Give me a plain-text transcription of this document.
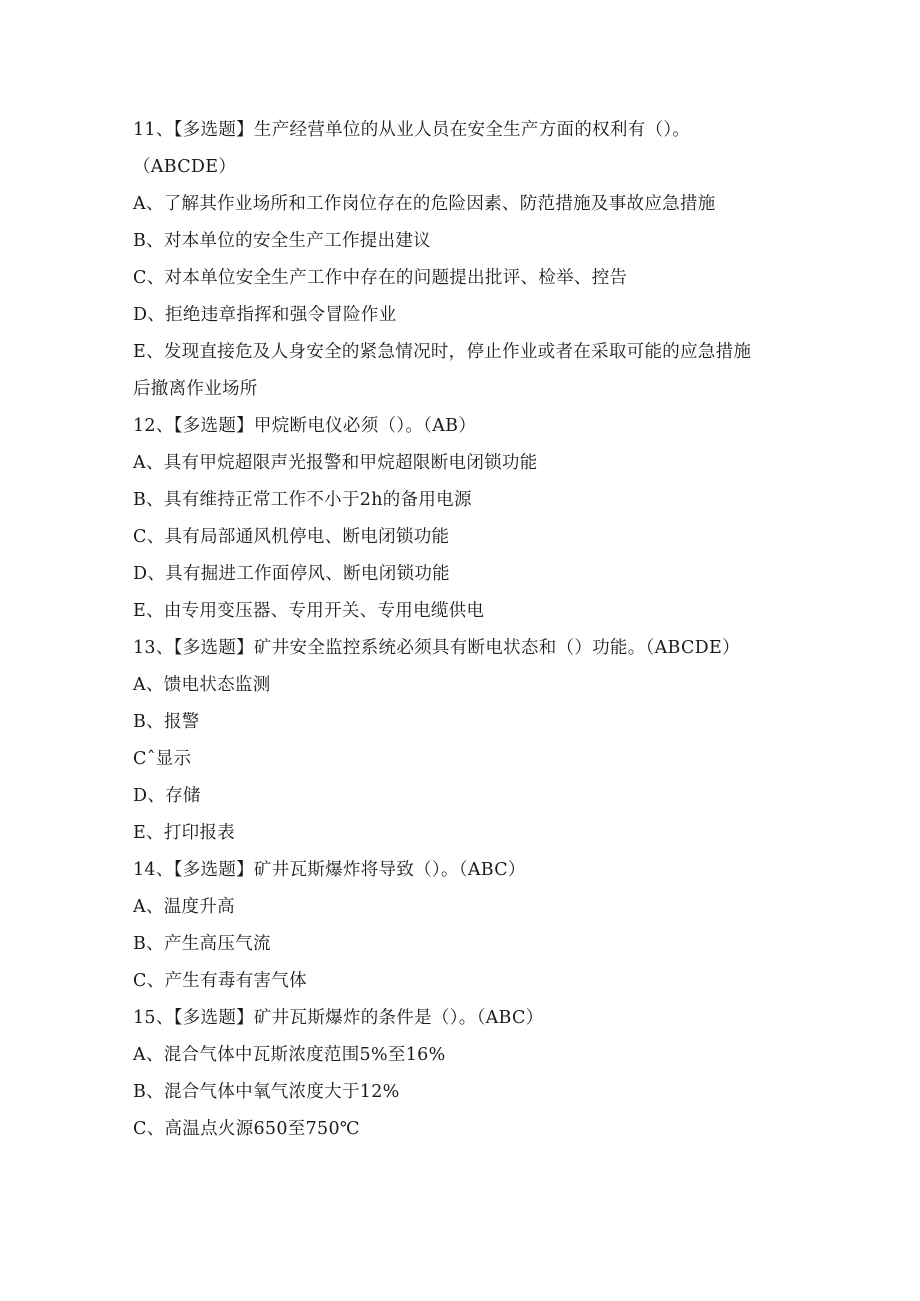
11、【多选题】生产经营单位的从业人员在安全生产方面的权利有（）。
（ABCDE）
A、了解其作业场所和工作岗位存在的危险因素、防范措施及事故应急措施
B、对本单位的安全生产工作提出建议
C、对本单位安全生产工作中存在的问题提出批评、检举、控告
D、拒绝违章指挥和强令冒险作业
E、发现直接危及人身安全的紧急情况时，停止作业或者在采取可能的应急措施
后撤离作业场所
12、【多选题】甲烷断电仪必须（）。（AB）
A、具有甲烷超限声光报警和甲烷超限断电闭锁功能
B、具有维持正常工作不小于2h的备用电源
C、具有局部通风机停电、断电闭锁功能
D、具有掘进工作面停风、断电闭锁功能
E、由专用变压器、专用开关、专用电缆供电
13、【多选题】矿井安全监控系统必须具有断电状态和（）功能。（ABCDE）
A、馈电状态监测
B、报警
Cˆ显示
D、存储
E、打印报表
14、【多选题】矿井瓦斯爆炸将导致（）。（ABC）
A、温度升高
B、产生高压气流
C、产生有毒有害气体
15、【多选题】矿井瓦斯爆炸的条件是（）。（ABC）
A、混合气体中瓦斯浓度范围5%至16%
B、混合气体中氧气浓度大于12%
C、高温点火源650至750℃
